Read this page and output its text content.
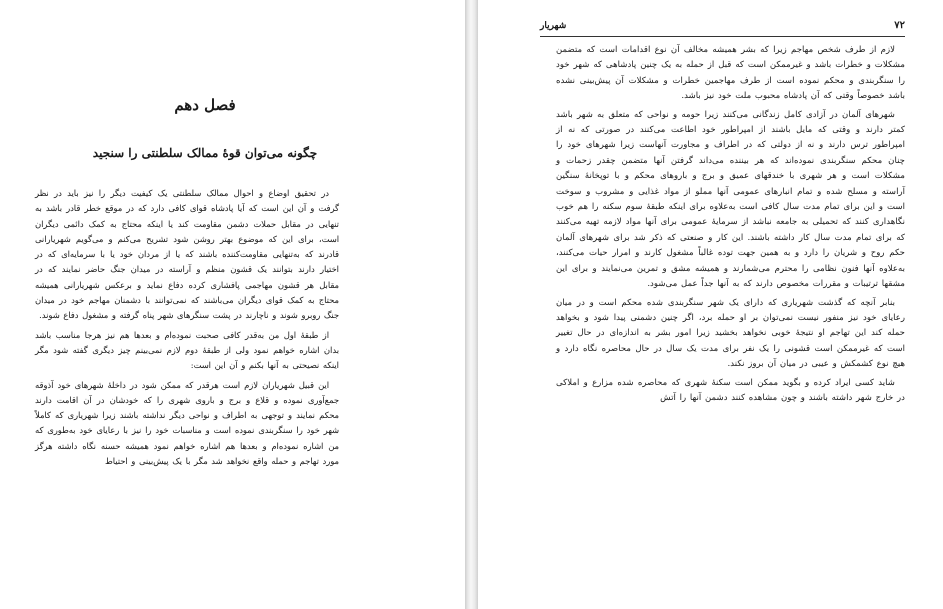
فصل دهم
چگونه می‌توان قوهٔ ممالک سلطنتی را سنجید

در تحقیق اوضاع و احوال ممالک سلطنتی یک کیفیت دیگر را نیز باید در نظر گرفت و آن این است که آیا پادشاه قوای کافی دارد که در موقع خطر قادر باشد به تنهایی در مقابل حملات دشمن مقاومت کند یا اینکه محتاج به کمک دائمی دیگران است، برای این که موضوع بهتر روشن شود تشریح می‌کنم و می‌گویم شهریارانی قادرند که به‌تنهایی مقاومت‌کننده باشند که یا از مردان خود یا با سرمایه‌ای که در اختیار دارند بتوانند یک قشون منظم و آراسته در میدان جنگ حاضر نمایند که در مقابل هر قشون مهاجمی پافشاری کرده دفاع نماید و برعکس شهریارانی همیشه محتاج به کمک قوای دیگران می‌باشند که نمی‌توانند با دشمنان مهاجم خود در میدان جنگ روبرو شوند و ناچارند در پشت سنگرهای شهر پناه گرفته و مشغول دفاع شوند.

از طبقهٔ اول من به‌قدر کافی صحبت نموده‌ام و بعدها هم نیز هرجا مناسب باشد بدان اشاره خواهم نمود ولی از طبقهٔ دوم لازم نمی‌بینم چیز دیگری گفته شود مگر اینکه نصیحتی به آنها بکنم و آن این است:

این قبیل شهریاران لازم است هرقدر که ممکن شود در داخلهٔ شهرهای خود آذوقه جمع‌آوری نموده و قلاع و برج و باروی شهری را که خودشان در آن اقامت دارند محکم نمایند و توجهی به اطراف و نواحی دیگر نداشته باشند زیرا شهریاری که کاملاً شهر خود را سنگربندی نموده است و مناسبات خود را نیز با رعایای خود به‌طوری که من اشاره نموده‌ام و بعدها هم اشاره خواهم نمود همیشه حسنه نگاه داشته هرگز مورد تهاجم و حمله واقع نخواهد شد مگر با یک پیش‌بینی و احتیاط

۷۲
شهریار

لازم از طرف شخص مهاجم زیرا که بشر همیشه مخالف آن نوع اقدامات است که متضمن مشکلات و خطرات باشد و غیرممکن است که قبل از حمله به یک چنین پادشاهی که شهر خود را سنگربندی و محکم نموده است از طرف مهاجمین خطرات و مشکلات آن پیش‌بینی نشده باشد خصوصاً وقتی که آن پادشاه محبوب ملت خود نیز باشد.

شهرهای آلمان در آزادی کامل زندگانی می‌کنند زیرا حومه و نواحی که متعلق به شهر باشد کمتر دارند و وقتی که مایل باشند از امپراطور خود اطاعت می‌کنند در صورتی که نه از امپراطور ترس دارند و نه از دولتی که در اطراف و مجاورت آنهاست زیرا شهرهای خود را چنان محکم سنگربندی نموده‌اند که هر بیننده می‌داند گرفتن آنها متضمن چقدر زحمات و مشکلات است و هر شهری با خندقهای عمیق و برج و باروهای محکم و با توپخانهٔ سنگین آراسته و مسلح شده و تمام انبارهای عمومی آنها مملو از مواد غذایی و مشروب و سوخت است و این برای تمام مدت سال کافی است به‌علاوه برای اینکه طبقهٔ سوم سکنه را هم خوب نگاهداری کنند که تحمیلی به جامعه نباشد از سرمایهٔ عمومی برای آنها مواد لازمه تهیه می‌کنند که برای تمام مدت سال کار داشته باشند. این کار و صنعتی که ذکر شد برای شهرهای آلمان حکم روح و شریان را دارد و به همین جهت توده غالباً مشغول کارند و امرار حیات می‌کنند، به‌علاوه آنها فنون نظامی را محترم می‌شمارند و همیشه مشق و تمرین می‌نمایند و برای این مشقها ترتیبات و مقررات مخصوص دارند که به آنها جداً عمل می‌شود.

بنابر آنچه که گذشت شهریاری که دارای یک شهر سنگربندی شده محکم است و در میان رعایای خود نیز منفور نیست نمی‌توان بر او حمله برد، اگر چنین دشمنی پیدا شود و بخواهد حمله کند این تهاجم او نتیجهٔ خوبی نخواهد بخشید زیرا امور بشر به اندازه‌ای در حال تغییر است که غیرممکن است قشونی را یک نفر برای مدت یک سال در حال محاصره نگاه دارد و هیچ نوع کشمکش و عیبی در میان آن بروز نکند.

شاید کسی ایراد کرده و بگوید ممکن است سکنهٔ شهری که محاصره شده مزارع و املاکی در خارج شهر داشته باشند و چون مشاهده کنند دشمن آنها را آتش
